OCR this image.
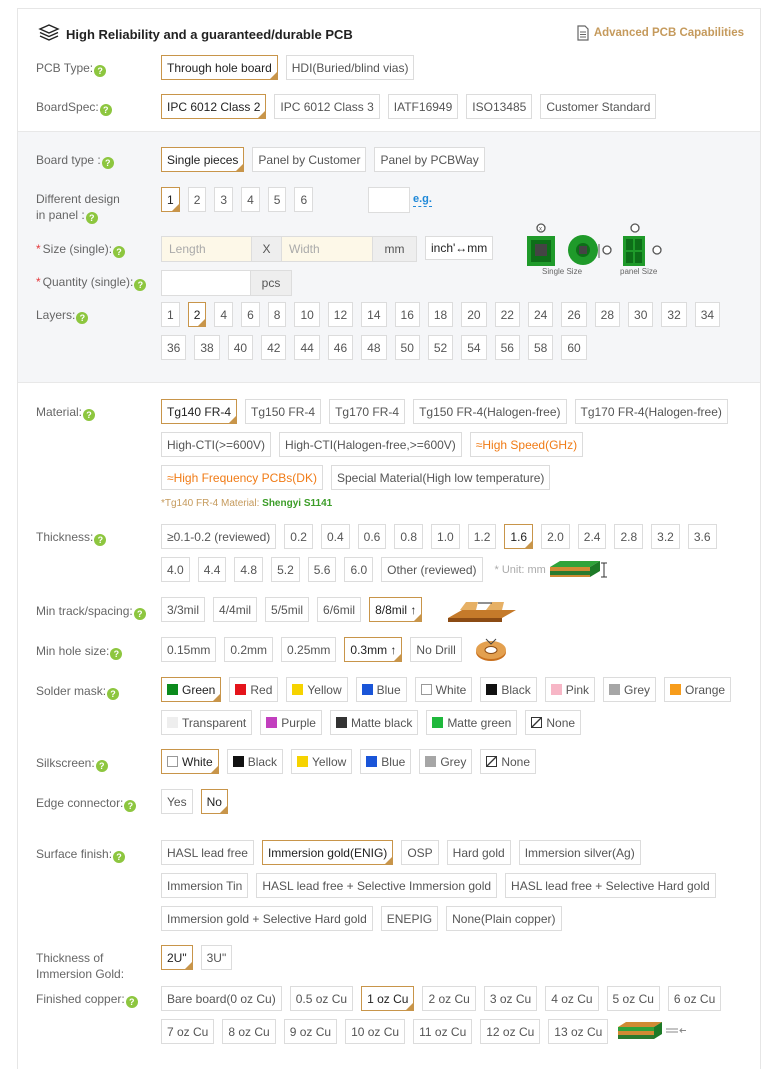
High Reliability and a guaranteed/durable PCB	Advanced PCB Capabilities
PCB Type: ?	Through hole board HDI(Buried/blind vias)
BoardSpec: ?	IPC 6012 Class 2 IPC 6012 Class 3 IATF16949 ISO13485 Customer Standard
Board type : ?	Single pieces Panel by Customer Panel by PCBWay
Different design
in panel : ?
1 2 3 4 5 6	e.g.
* Size (single): ?	Length	X	Width	mm	inch'↔mm
x
Single Size	panel Size
* Quantity (single): ?	pcs
Layers: ?	1 2 4 6 8 10 12 14 16 18 20 22 24 26 28 30 32 34
36 38 40 42 44 46 48 50 52 54 56 58 60
Material: ?	Tg140 FR-4 Tg150 FR-4 Tg170 FR-4 Tg150 FR-4(Halogen-free) Tg170 FR-4(Halogen-free)
High-CTI(>=600V) High-CTI(Halogen-free,>=600V) ≈High Speed(GHz)
≈High Frequency PCBs(DK) Special Material(High low temperature)
*Tg140 FR-4 Material: Shengyi S1141
Thickness: ?	≥0.1-0.2 (reviewed) 0.2 0.4 0.6 0.8 1.0 1.2 1.6 2.0 2.4 2.8 3.2 3.6
4.0 4.4 4.8 5.2 5.6 6.0 Other (reviewed) * Unit: mm
Min track/spacing: ? 3/3mil 4/4mil 5/5mil 6/6mil 8/8mil ↑
Min hole size: ?	0.15mm 0.2mm 0.25mm 0.3mm ↑ No Drill
Solder mask: ?	Green	Red	Yellow	Blue	White	Black	Pink	Grey	Orange
Transparent	Purple	Matte black	Matte green	None
Silkscreen: ?	White	Black	Yellow	Blue	Grey	None
Edge connector: ?	Yes No
Surface finish: ?	HASL lead free Immersion gold(ENIG) OSP Hard gold Immersion silver(Ag)
Immersion Tin HASL lead free + Selective Immersion gold HASL lead free + Selective Hard gold
Immersion gold + Selective Hard gold ENEPIG None(Plain copper)
Thickness of
Immersion Gold:
2U" 3U"
Finished copper: ?	Bare board(0 oz Cu) 0.5 oz Cu 1 oz Cu 2 oz Cu 3 oz Cu 4 oz Cu 5 oz Cu 6 oz Cu
7 oz Cu 8 oz Cu 9 oz Cu 10 oz Cu 11 oz Cu 12 oz Cu 13 oz Cu
